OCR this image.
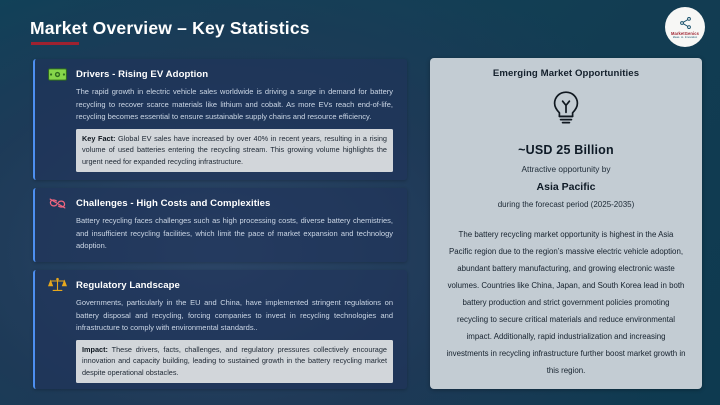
Market Overview – Key Statistics	MarketGenics
Ideas. to. Innovation
Drivers - Rising EV Adoption
The rapid growth in electric vehicle sales worldwide is driving a surge in demand for battery recycling to recover scarce materials like lithium and cobalt. As more EVs reach end-of-life, recycling becomes essential to ensure sustainable supply chains and resource efficiency.
Key Fact: Global EV sales have increased by over 40% in recent years, resulting in a rising volume of used batteries entering the recycling stream. This growing volume highlights the urgent need for expanded recycling infrastructure.
Challenges - High Costs and Complexities
Battery recycling faces challenges such as high processing costs, diverse battery chemistries, and insufficient recycling facilities, which limit the pace of market expansion and technology adoption.
Regulatory Landscape
Governments, particularly in the EU and China, have implemented stringent regulations on battery disposal and recycling, forcing companies to invest in recycling technologies and infrastructure to comply with environmental standards..
Impact: These drivers, facts, challenges, and regulatory pressures collectively encourage innovation and capacity building, leading to sustained growth in the battery recycling market despite operational obstacles.
Emerging Market Opportunities
~USD 25 Billion
Attractive opportunity by
Asia Pacific
during the forecast period (2025-2035)
The battery recycling market opportunity is highest in the Asia Pacific region due to the region’s massive electric vehicle adoption, abundant battery manufacturing, and growing electronic waste volumes. Countries like China, Japan, and South Korea lead in both battery production and strict government policies promoting recycling to secure critical materials and reduce environmental impact. Additionally, rapid industrialization and increasing investments in recycling infrastructure further boost market growth in this region.
